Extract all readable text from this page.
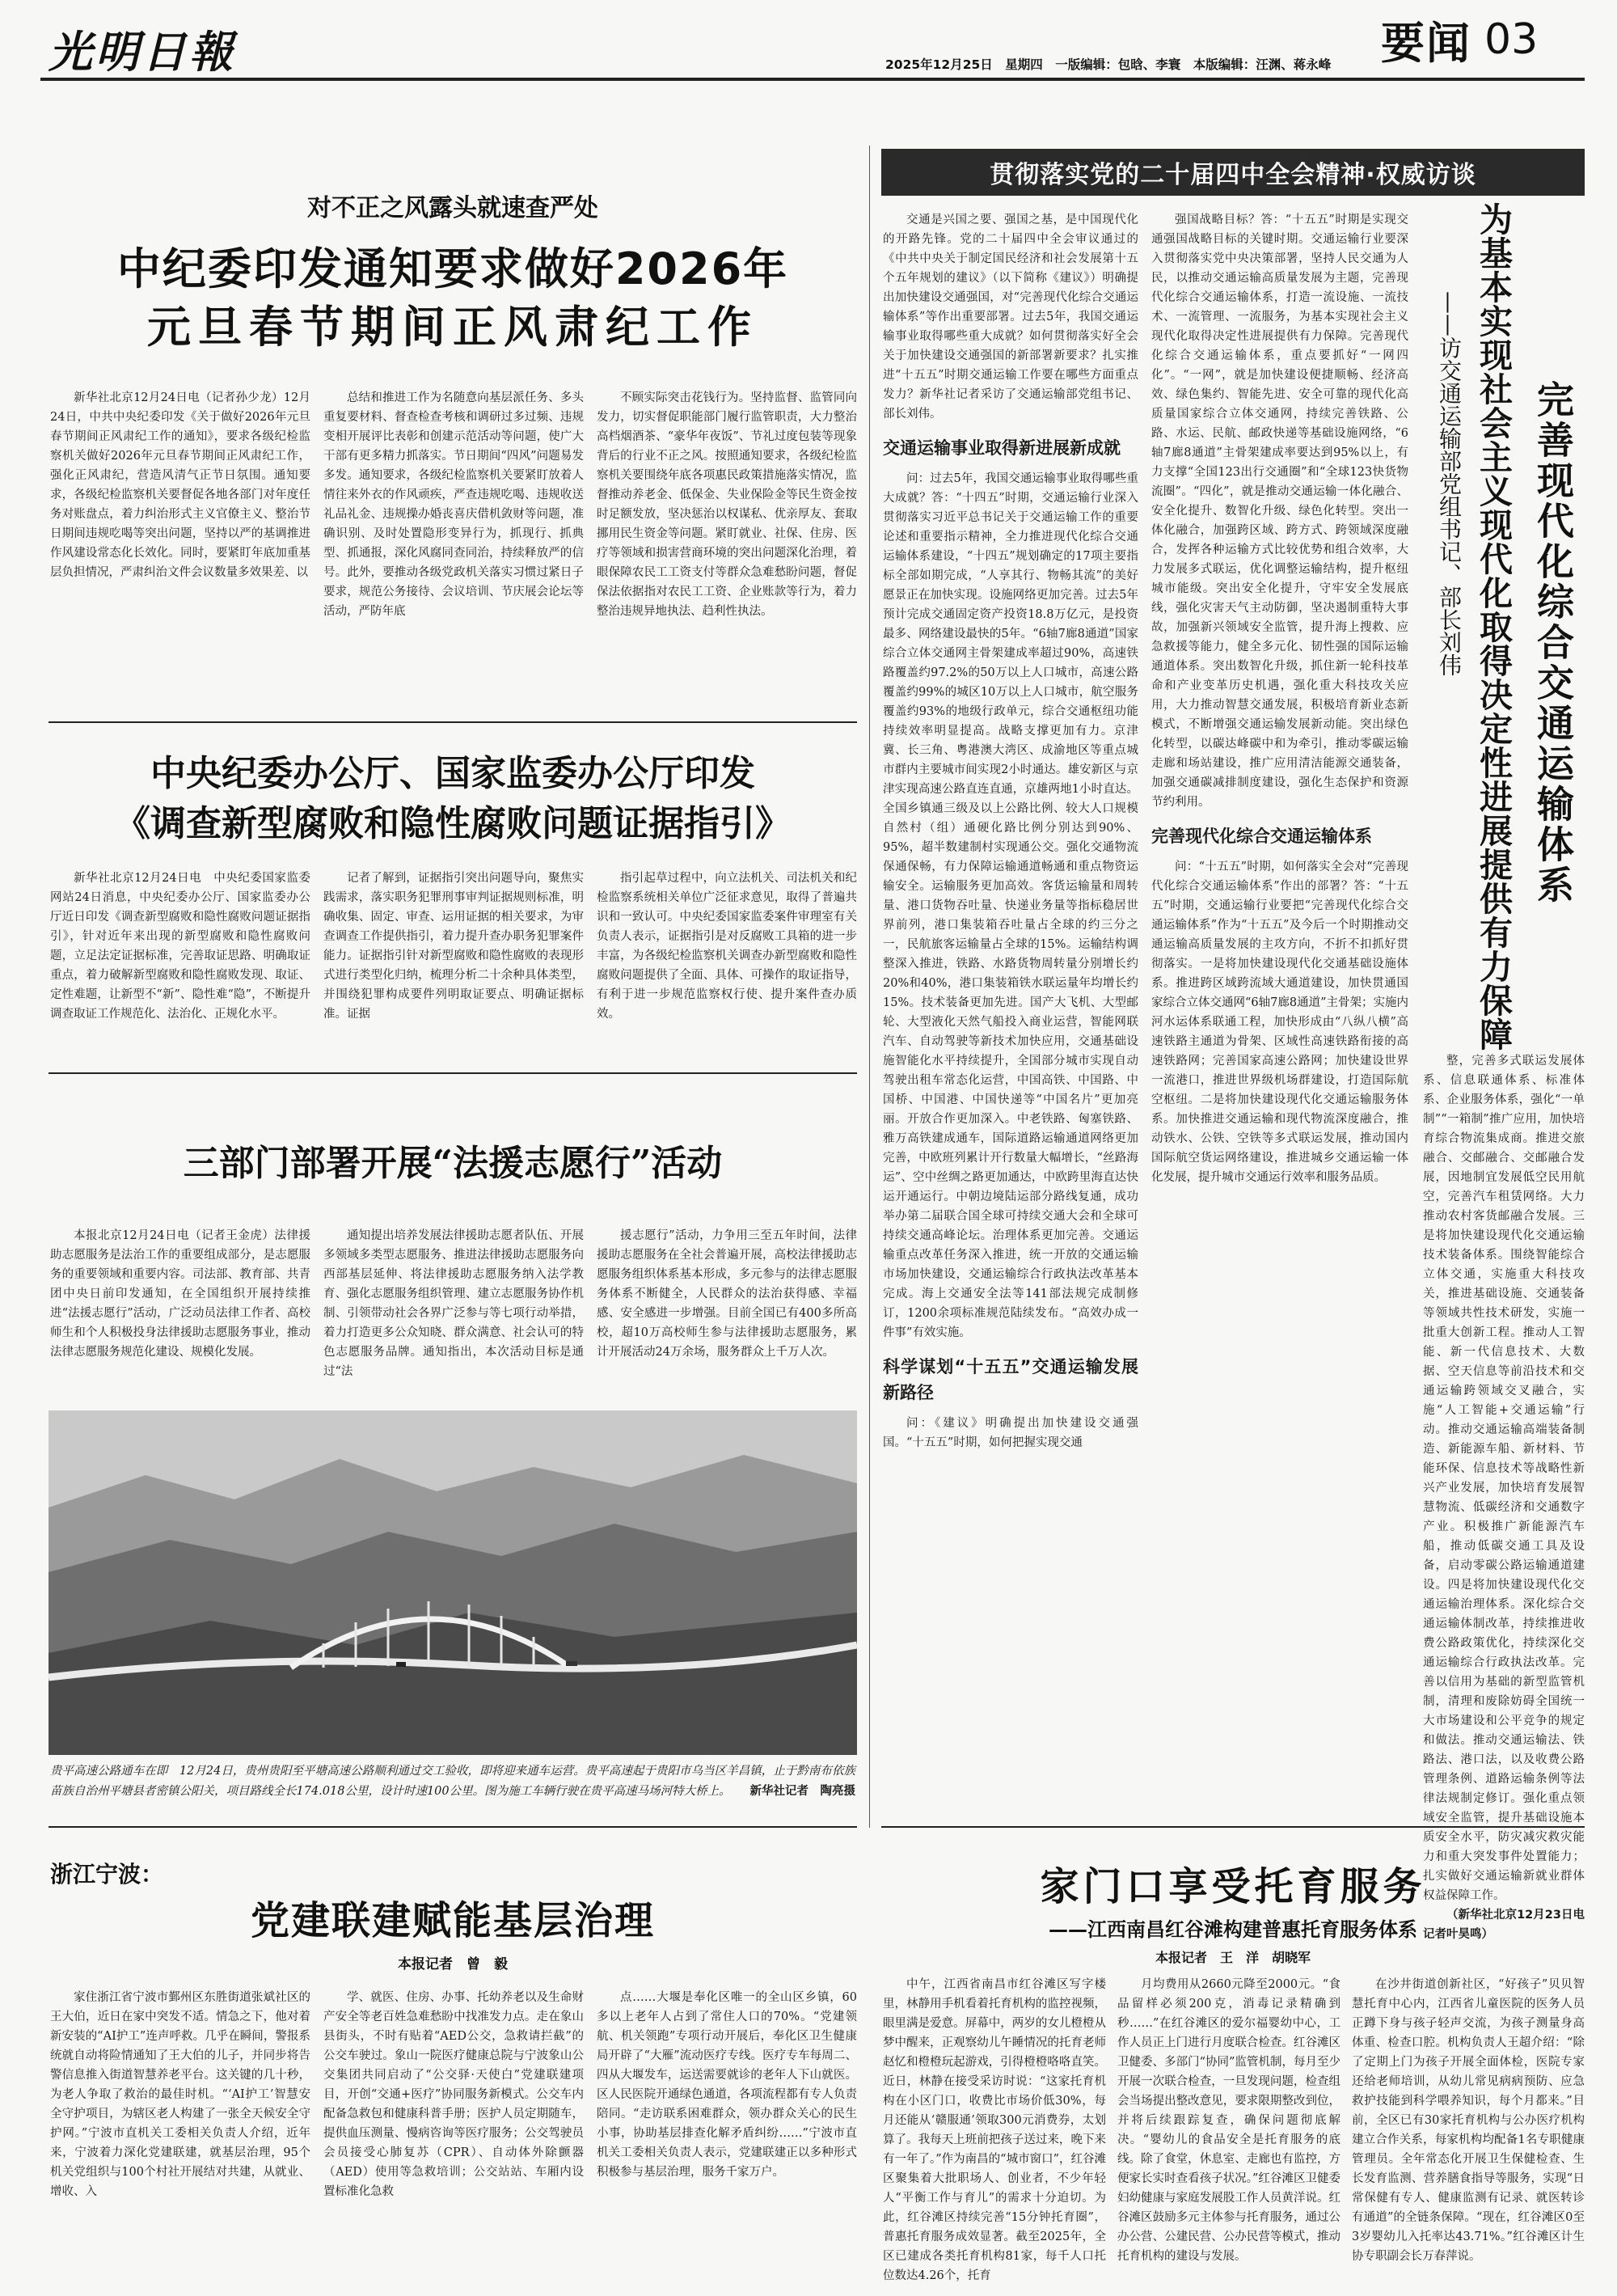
光明日報	2025年12月25日　星期四　一版编辑：包晗、李寰　本版编辑：汪渊、蒋永峰 要闻 03
对不正之风露头就速查严处
中纪委印发通知要求做好2026年
元旦春节期间正风肃纪工作

新华社北京12月24日电（记者孙少龙）12月24日，中共中央纪委印发《关于做好2026年元旦春节期间正风肃纪工作的通知》，要求各级纪检监察机关做好2026年元旦春节期间正风肃纪工作，强化正风肃纪，营造风清气正节日氛围。通知要求，各级纪检监察机关要督促各地各部门对年度任务对账盘点，着力纠治形式主义官僚主义、整治节日期间违规吃喝等突出问题，坚持以严的基调推进作风建设常态化长效化。同时，要紧盯年底加重基层负担情况，严肃纠治文件会议数量多效果差、以

总结和推进工作为名随意向基层派任务、多头重复要材料、督查检查考核和调研过多过频、违规变相开展评比表彰和创建示范活动等问题，使广大干部有更多精力抓落实。节日期间“四风”问题易发多发。通知要求，各级纪检监察机关要紧盯放着人情往来外衣的作风顽疾，严查违规吃喝、违规收送礼品礼金、违规操办婚丧喜庆借机敛财等问题，准确识别、及时处置隐形变异行为，抓现行、抓典型、抓通报，深化风腐同查同治，持续释放严的信号。此外，要推动各级党政机关落实习惯过紧日子要求，规范公务接待、会议培训、节庆展会论坛等活动，严防年底

不顾实际突击花钱行为。坚持监督、监管同向发力，切实督促职能部门履行监管职责，大力整治高档烟酒茶、“豪华年夜饭”、节礼过度包装等现象背后的行业不正之风。按照通知要求，各级纪检监察机关要围绕年底各项惠民政策措施落实情况，监督推动养老金、低保金、失业保险金等民生资金按时足额发放，坚决惩治以权谋私、优亲厚友、套取挪用民生资金等问题。紧盯就业、社保、住房、医疗等领域和损害营商环境的突出问题深化治理，着眼保障农民工工资支付等群众急难愁盼问题，督促保法依据指对农民工工资、企业账款等行为，着力整治违规异地执法、趋利性执法。

中央纪委办公厅、国家监委办公厅印发
《调查新型腐败和隐性腐败问题证据指引》

新华社北京12月24日电　中央纪委国家监委网站24日消息，中央纪委办公厅、国家监委办公厅近日印发《调查新型腐败和隐性腐败问题证据指引》，针对近年来出现的新型腐败和隐性腐败问题，立足法定证据标准，完善取证思路、明确取证重点，着力破解新型腐败和隐性腐败发现、取证、定性难题，让新型不“新”、隐性难“隐”，不断提升调查取证工作规范化、法治化、正规化水平。

记者了解到，证据指引突出问题导向，聚焦实践需求，落实职务犯罪刑事审判证据规则标准，明确收集、固定、审查、运用证据的相关要求，为审查调查工作提供指引，着力提升查办职务犯罪案件能力。证据指引针对新型腐败和隐性腐败的表现形式进行类型化归纳，梳理分析二十余种具体类型，并围绕犯罪构成要件列明取证要点、明确证据标准。证据

指引起草过程中，向立法机关、司法机关和纪检监察系统相关单位广泛征求意见，取得了普遍共识和一致认可。中央纪委国家监委案件审理室有关负责人表示，证据指引是对反腐败工具箱的进一步丰富，为各级纪检监察机关调查办新型腐败和隐性腐败问题提供了全面、具体、可操作的取证指导，有利于进一步规范监察权行使、提升案件查办质效。

三部门部署开展“法援志愿行”活动

本报北京12月24日电（记者王金虎）法律援助志愿服务是法治工作的重要组成部分，是志愿服务的重要领域和重要内容。司法部、教育部、共青团中央日前印发通知，在全国组织开展持续推进“法援志愿行”活动，广泛动员法律工作者、高校师生和个人积极投身法律援助志愿服务事业，推动法律志愿服务规范化建设、规模化发展。

通知提出培养发展法律援助志愿者队伍、开展多领域多类型志愿服务、推进法律援助志愿服务向西部基层延伸、将法律援助志愿服务纳入法学教育、强化志愿服务组织管理、建立志愿服务协作机制、引领带动社会各界广泛参与等七项行动举措，着力打造更多公众知晓、群众满意、社会认可的特色志愿服务品牌。通知指出，本次活动目标是通过“法

援志愿行”活动，力争用三至五年时间，法律援助志愿服务在全社会普遍开展，高校法律援助志愿服务组织体系基本形成，多元参与的法律志愿服务体系不断健全，人民群众的法治获得感、幸福感、安全感进一步增强。目前全国已有400多所高校，超10万高校师生参与法律援助志愿服务，累计开展活动24万余场，服务群众上千万人次。

贵平高速公路通车在即　12月24日，贵州贵阳至平塘高速公路顺利通过交工验收，即将迎来通车运营。贵平高速起于贵阳市乌当区羊昌镇，止于黔南布依族苗族自治州平塘县者密镇公阳关，项目路线全长174.018公里，设计时速100公里。图为施工车辆行驶在贵平高速马场河特大桥上。 新华社记者　陶亮摄
浙江宁波：
党建联建赋能基层治理
本报记者　曾　毅

家住浙江省宁波市鄞州区东胜街道张斌社区的王大伯，近日在家中突发不适。情急之下，他对着新安装的“AI护工”连声呼救。几乎在瞬间，警报系统就自动将险情通知了王大伯的儿子，并同步将告警信息推入街道智慧养老平台。这关键的几十秒，为老人争取了救治的最佳时机。“‘AI护工’智慧安全守护项目，为辖区老人构建了一张全天候安全守护网。”宁波市直机关工委相关负责人介绍，近年来，宁波着力深化党建联建，就基层治理，95个机关党组织与100个村社开展结对共建，从就业、增收、入

学、就医、住房、办事、托幼养老以及生命财产安全等老百姓急难愁盼中找准发力点。走在象山县街头，不时有贴着“AED公交，急救请拦截”的公交车驶过。象山一院医疗健康总院与宁波象山公交集团共同启动了“公交驿·天使白”党建联建项目，开创“交通+医疗”协同服务新模式。公交车内配备急救包和健康科普手册；医护人员定期随车，提供血压测量、慢病咨询等医疗服务；公交驾驶员会员接受心肺复苏（CPR）、自动体外除颤器（AED）使用等急救培训；公交站站、车厢内设置标准化急救

点……大堰是奉化区唯一的全山区乡镇，60多以上老年人占到了常住人口的70%。“党建领航、机关领跑”专项行动开展后，奉化区卫生健康局开辟了“大雁”流动医疗专线。医疗专车每周二、四从大堰发车，运送需要就诊的老年人下山就医。区人民医院开通绿色通道，各项流程都有专人负责陪同。“走访联系困难群众，领办群众关心的民生小事，协助基层排查化解矛盾纠纷……”宁波市直机关工委相关负责人表示，党建联建正以多种形式积极参与基层治理，服务千家万户。

贯彻落实党的二十届四中全会精神·权威访谈

交通是兴国之要、强国之基，是中国现代化的开路先锋。党的二十届四中全会审议通过的《中共中央关于制定国民经济和社会发展第十五个五年规划的建议》（以下简称《建议》）明确提出加快建设交通强国，对“完善现代化综合交通运输体系”等作出重要部署。过去5年，我国交通运输事业取得哪些重大成就？如何贯彻落实好全会关于加快建设交通强国的新部署新要求？扎实推进“十五五”时期交通运输工作要在哪些方面重点发力？新华社记者采访了交通运输部党组书记、部长刘伟。

交通运输事业取得新进展新成就

问：过去5年，我国交通运输事业取得哪些重大成就？答：“十四五”时期，交通运输行业深入贯彻落实习近平总书记关于交通运输工作的重要论述和重要指示精神，全力推进现代化综合交通运输体系建设，“十四五”规划确定的17项主要指标全部如期完成，“人享其行、物畅其流”的美好愿景正在加快实现。设施网络更加完善。过去5年预计完成交通固定资产投资18.8万亿元，是投资最多、网络建设最快的5年。“6轴7廊8通道”国家综合立体交通网主骨架建成率超过90%，高速铁路覆盖约97.2%的50万以上人口城市，高速公路覆盖约99%的城区10万以上人口城市，航空服务覆盖约93%的地级行政单元，综合交通枢纽功能持续效率明显提高。战略支撑更加有力。京津冀、长三角、粤港澳大湾区、成渝地区等重点城市群内主要城市间实现2小时通达。雄安新区与京津实现高速公路直连直通，京雄两地1小时直达。全国乡镇通三级及以上公路比例、较大人口规模自然村（组）通硬化路比例分别达到90%、95%，超半数建制村实现通公交。强化交通物流保通保畅，有力保障运输通道畅通和重点物资运输安全。运输服务更加高效。客货运输量和周转量、港口货物吞吐量、快递业务量等指标稳居世界前列，港口集装箱吞吐量占全球的约三分之一，民航旅客运输量占全球的15%。运输结构调整深入推进，铁路、水路货物周转量分别增长约20%和40%，港口集装箱铁水联运量年均增长约15%。技术装备更加先进。国产大飞机、大型邮轮、大型液化天然气船投入商业运营，智能网联汽车、自动驾驶等新技术加快应用，交通基础设施智能化水平持续提升，全国部分城市实现自动驾驶出租车常态化运营，中国高铁、中国路、中国桥、中国港、中国快递等“中国名片”更加亮丽。开放合作更加深入。中老铁路、匈塞铁路、雅万高铁建成通车，国际道路运输通道网络更加完善，中欧班列累计开行数量大幅增长，“丝路海运”、空中丝绸之路更加通达，中欧跨里海直达快运开通运行。中朝边境陆运部分路线复通，成功举办第二届联合国全球可持续交通大会和全球可持续交通高峰论坛。治理体系更加完善。交通运输重点改革任务深入推进，统一开放的交通运输市场加快建设，交通运输综合行政执法改革基本完成。海上交通安全法等141部法规完成制修订，1200余项标准规范陆续发布。“高效办成一件事”有效实施。

科学谋划“十五五”交通运输发展新路径

问：《建议》明确提出加快建设交通强国。“十五五”时期，如何把握实现交通

强国战略目标？答：“十五五”时期是实现交通强国战略目标的关键时期。交通运输行业要深入贯彻落实党中央决策部署，坚持人民交通为人民，以推动交通运输高质量发展为主题，完善现代化综合交通运输体系，打造一流设施、一流技术、一流管理、一流服务，为基本实现社会主义现代化取得决定性进展提供有力保障。完善现代化综合交通运输体系，重点要抓好“一网四化”。“一网”，就是加快建设便捷顺畅、经济高效、绿色集约、智能先进、安全可靠的现代化高质量国家综合立体交通网，持续完善铁路、公路、水运、民航、邮政快递等基础设施网络，“6轴7廊8通道”主骨架建成率要达到95%以上，有力支撑“全国123出行交通圈”和“全球123快货物流圈”。“四化”，就是推动交通运输一体化融合、安全化提升、数智化升级、绿色化转型。突出一体化融合，加强跨区域、跨方式、跨领域深度融合，发挥各种运输方式比较优势和组合效率，大力发展多式联运，优化调整运输结构，提升枢纽城市能级。突出安全化提升，守牢安全发展底线，强化灾害天气主动防御，坚决遏制重特大事故，加强新兴领域安全监管，提升海上搜救、应急救援等能力，健全多元化、韧性强的国际运输通道体系。突出数智化升级，抓住新一轮科技革命和产业变革历史机遇，强化重大科技攻关应用，大力推动智慧交通发展，积极培育新业态新模式，不断增强交通运输发展新动能。突出绿色化转型，以碳达峰碳中和为牵引，推动零碳运输走廊和场站建设，推广应用清洁能源交通装备，加强交通碳减排制度建设，强化生态保护和资源节约利用。

完善现代化综合交通运输体系

问：“十五五”时期，如何落实全会对“完善现代化综合交通运输体系”作出的部署？答：“十五五”时期，交通运输行业要把“完善现代化综合交通运输体系”作为“十五五”及今后一个时期推动交通运输高质量发展的主攻方向，不折不扣抓好贯彻落实。一是将加快建设现代化交通基础设施体系。推进跨区域跨流域大通道建设，加快贯通国家综合立体交通网“6轴7廊8通道”主骨架；实施内河水运体系联通工程，加快形成由“八纵八横”高速铁路主通道为骨架、区域性高速铁路衔接的高速铁路网；完善国家高速公路网；加快建设世界一流港口，推进世界级机场群建设，打造国际航空枢纽。二是将加快建设现代化交通运输服务体系。加快推进交通运输和现代物流深度融合，推动铁水、公铁、空铁等多式联运发展，推动国内国际航空货运网络建设，推进城乡交通运输一体化发展，提升城市交通运行效率和服务品质。

完善现代化综合交通运输体系
为基本实现社会主义现代化取得决定性进展提供有力保障
——访交通运输部党组书记、部长刘伟

整，完善多式联运发展体系、信息联通体系、标准体系、企业服务体系，强化“一单制”“一箱制”推广应用，加快培育综合物流集成商。推进交旅融合、交邮融合、交邮融合发展，因地制宜发展低空民用航空，完善汽车租赁网络。大力推动农村客货邮融合发展。三是将加快建设现代化交通运输技术装备体系。围绕智能综合立体交通，实施重大科技攻关，推进基础设施、交通装备等领域共性技术研发，实施一批重大创新工程。推动人工智能、新一代信息技术、大数据、空天信息等前沿技术和交通运输跨领域交叉融合，实施“人工智能+交通运输”行动。推动交通运输高端装备制造、新能源车船、新材料、节能环保、信息技术等战略性新兴产业发展，加快培育发展智慧物流、低碳经济和交通数字产业。积极推广新能源汽车船，推动低碳交通工具及设备，启动零碳公路运输通道建设。四是将加快建设现代化交通运输治理体系。深化综合交通运输体制改革，持续推进收费公路政策优化，持续深化交通运输综合行政执法改革。完善以信用为基础的新型监管机制，清理和废除妨碍全国统一大市场建设和公平竞争的规定和做法。推动交通运输法、铁路法、港口法，以及收费公路管理条例、道路运输条例等法律法规制定修订。强化重点领域安全监管，提升基础设施本质安全水平，防灾减灾救灾能力和重大突发事件处置能力；扎实做好交通运输新就业群体权益保障工作。

（新华社北京12月23日电　记者叶昊鸣）

家门口享受托育服务
——江西南昌红谷滩构建普惠托育服务体系
本报记者　王　洋　胡晓军

中午，江西省南昌市红谷滩区写字楼里，林静用手机看着托育机构的监控视频，眼里满是爱意。屏幕中，两岁的女儿橙橙从梦中醒来，正观察幼儿午睡情况的托育老师赵忆和橙橙玩起游戏，引得橙橙咯咯直笑。近日，林静在接受采访时说：“这家托育机构在小区门口，收费比市场价低30%，每月还能从‘赣服通’领取300元消费券，太划算了。我每天上班前把孩子送过来，晚下来有一年了。”作为南昌的“城市窗口”，红谷滩区聚集着大批职场人、创业者，不少年轻人“平衡工作与育儿”的需求十分迫切。为此，红谷滩区持续完善“15分钟托育圈”，普惠托育服务成效显著。截至2025年，全区已建成各类托育机构81家，每千人口托位数达4.26个，托育

月均费用从2660元降至2000元。“食品留样必须200克，消毒记录精确到秒……”在红谷滩区的爱尔福婴幼中心，工作人员正上门进行月度联合检查。红谷滩区卫健委、多部门“协同”监管机制，每月至少开展一次联合检查，一旦发现问题，检查组会当场提出整改意见，要求限期整改到位，并将后续跟踪复查，确保问题彻底解决。“婴幼儿的食品安全是托育服务的底线。除了食堂，休息室、走廊也有监控，方便家长实时查看孩子状况。”红谷滩区卫健委妇幼健康与家庭发展股工作人员黄洋说。红谷滩区鼓励多元主体参与托育服务，通过公办公营、公建民营、公办民营等模式，推动托育机构的建设与发展。

在沙井街道创新社区，“好孩子”贝贝智慧托育中心内，江西省儿童医院的医务人员正蹲下身与孩子轻声交流，为孩子测量身高体重、检查口腔。机构负责人王超介绍：“除了定期上门为孩子开展全面体检，医院专家还给老师培训，从幼儿常见病病预防、应急救护技能到科学喂养知识，每个月都来。”目前，全区已有30家托育机构与公办医疗机构建立合作关系，每家机构均配备1名专职健康管理员。全年常态化开展卫生保健检查、生长发育监测、营养膳食指导等服务，实现“日常保健有专人、健康监测有记录、就医转诊有通道”的全链条保障。“现在，红谷滩区0至3岁婴幼儿入托率达43.71%。”红谷滩区计生协专职副会长万春萍说。
